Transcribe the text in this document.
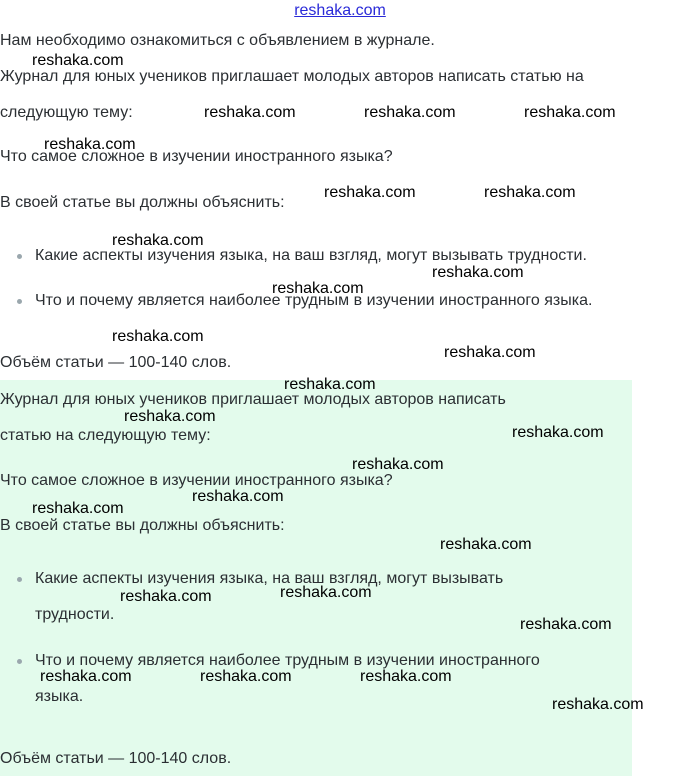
reshaka.com
Нам необходимо ознакомиться с объявлением в журнале.
Журнал для юных учеников приглашает молодых авторов написать статью на
следующую тему:
Что самое сложное в изучении иностранного языка?
В своей статье вы должны объяснить:
Какие аспекты изучения языка, на ваш взгляд, могут вызывать трудности.
Что и почему является наиболее трудным в изучении иностранного языка.
Объём статьи — 100-140 слов.
Журнал для юных учеников приглашает молодых авторов написать
статью на следующую тему:
Что самое сложное в изучении иностранного языка?
В своей статье вы должны объяснить:
Какие аспекты изучения языка, на ваш взгляд, могут вызывать
трудности.
Что и почему является наиболее трудным в изучении иностранного
языка.
Объём статьи — 100-140 слов.
reshaka.com
reshaka.com	reshaka.com	reshaka.com
reshaka.com
reshaka.com	reshaka.com
reshaka.com
reshaka.com
reshaka.com
reshaka.com
reshaka.com
reshaka.com
reshaka.com
reshaka.com
reshaka.com
reshaka.com
reshaka.com
reshaka.com
reshaka.com
reshaka.com
reshaka.com
reshaka.com	reshaka.com	reshaka.com
reshaka.com
